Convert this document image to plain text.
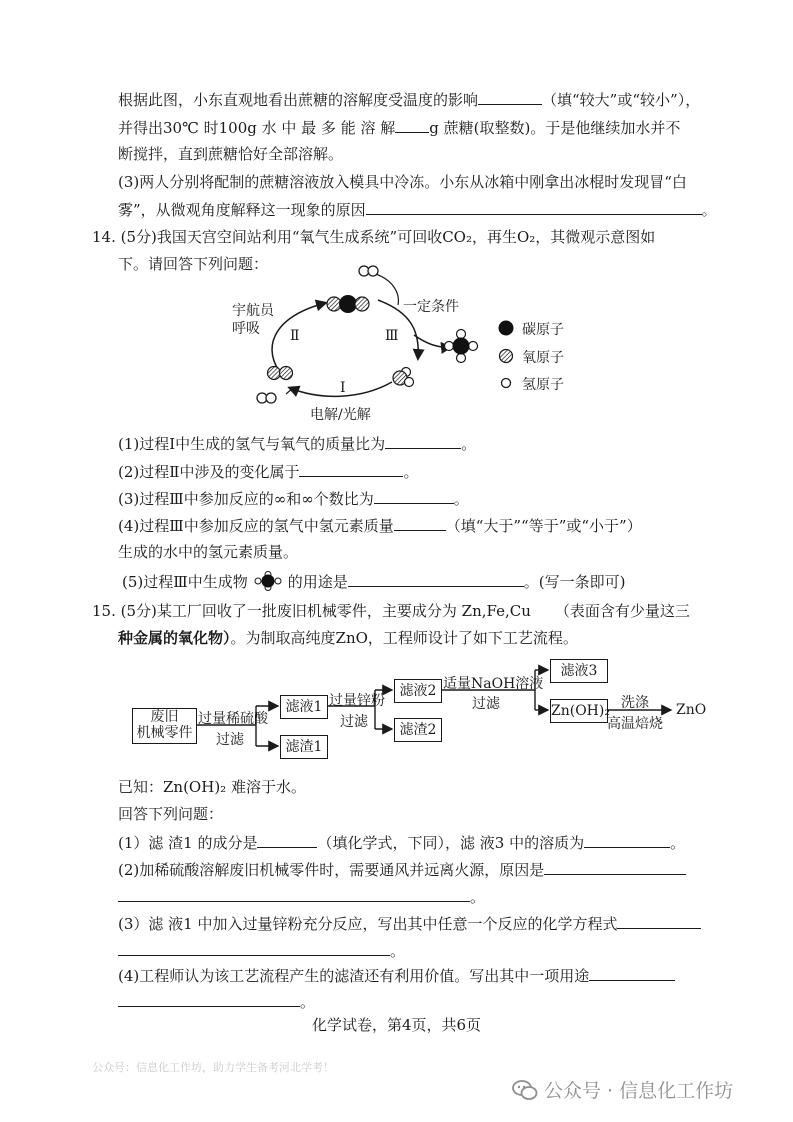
根据此图，小东直观地看出蔗糖的溶解度受温度的影响	（填“较大”或“较小”），
并得出30℃ 时100g 水 中 最 多 能 溶 解 g 蔗糖(取整数)。于是他继续加水并不
断搅拌，直到蔗糖恰好全部溶解。
(3)两人分别将配制的蔗糖溶液放入模具中冷冻。小东从冰箱中刚拿出冰棍时发现冒“白
雾”，从微观角度解释这一现象的原因	。
14. (5分)我国天宫空间站利用“氧气生成系统”可回收CO₂，再生O₂，其微观示意图如
下。请回答下列问题：
宇航员
呼吸
一定条件
Ⅱ	Ⅲ
Ⅰ
电解/光解
碳原子
氧原子
氢原子
(1)过程Ⅰ中生成的氢气与氧气的质量比为	。
(2)过程Ⅱ中涉及的变化属于	。
(3)过程Ⅲ中参加反应的∞和∞个数比为	。
(4)过程Ⅲ中参加反应的氢气中氢元素质量	（填“大于”“等于”或“小于”）
生成的水中的氢元素质量。
(5)过程Ⅲ中生成物	的用途是	。(写一条即可)
15. (5分)某工厂回收了一批废旧机械零件，主要成分为 Zn,Fe,Cu （表面含有少量这三
种金属的氧化物）。为制取高纯度ZnO，工程师设计了如下工艺流程。
废旧
机械零件
过量稀硫酸
过滤
滤液1
滤渣1
过量锌粉
过滤
滤液2
滤渣2
适量NaOH溶液
过滤
滤液3
Zn(OH)₂ 洗涤
高温焙烧
ZnO
已知：Zn(OH)₂ 难溶于水。
回答下列问题：
(1）滤 渣1 的成分是	（填化学式，下同），滤 液3 中的溶质为	。
(2)加稀硫酸溶解废旧机械零件时，需要通风并远离火源，原因是
。
(3）滤 液1 中加入过量锌粉充分反应，写出其中任意一个反应的化学方程式
。
(4)工程师认为该工艺流程产生的滤渣还有利用价值。写出其中一项用途
。
化学试卷，第4页，共6页
公众号：信息化工作坊，助力学生备考河北学考！
公众号 · 信息化工作坊
